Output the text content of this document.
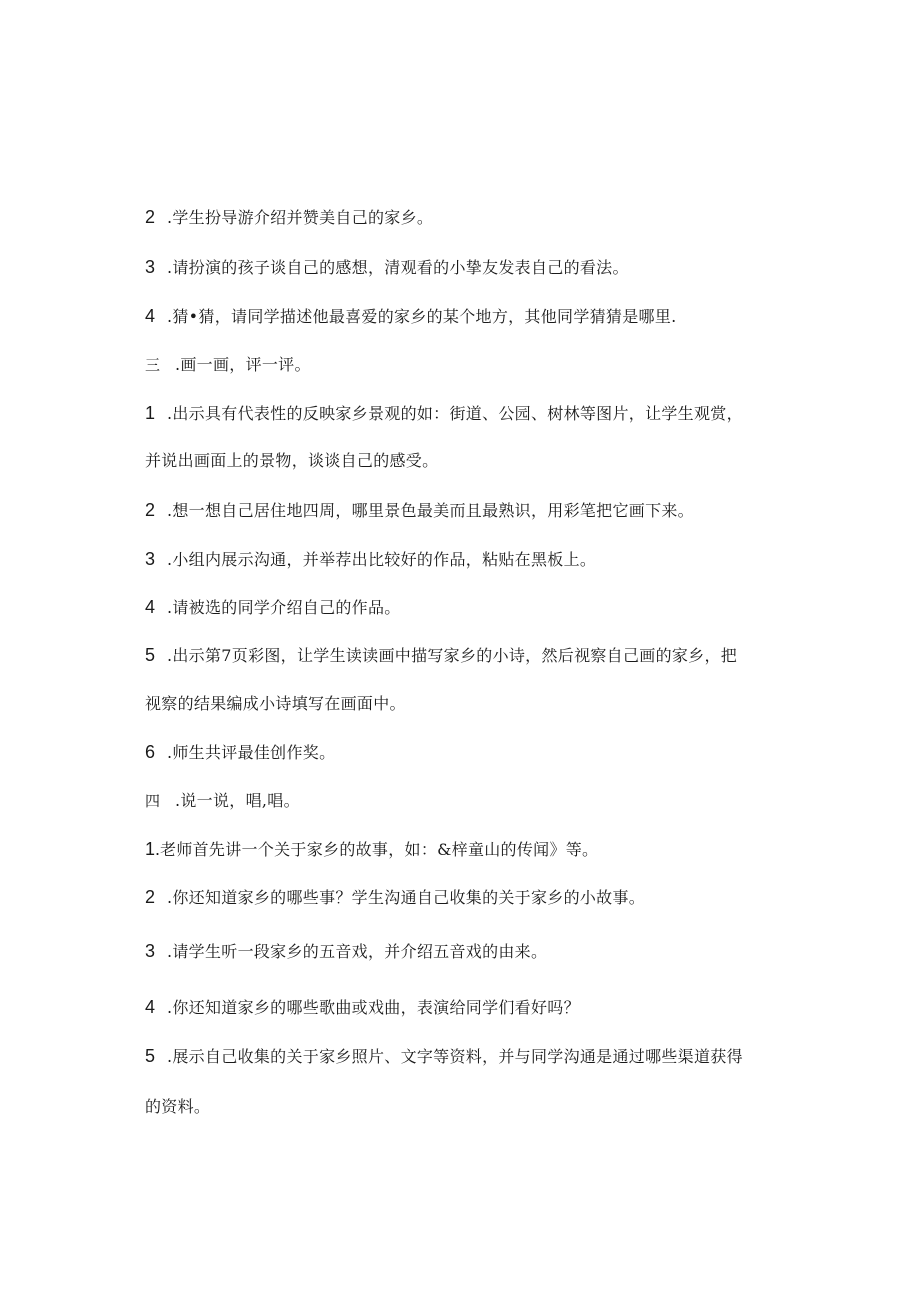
2 .学生扮导游介绍并赞美自己的家乡。
3 .请扮演的孩子谈自己的感想，清观看的小挚友发表自己的看法。
4 .猜•猜，请同学描述他最喜爱的家乡的某个地方，其他同学猜猜是哪里.
三 .画一画，评一评。
1 .出示具有代表性的反映家乡景观的如：街道、公园、树林等图片，让学生观赏，
并说出画面上的景物，谈谈自己的感受。
2 .想一想自己居住地四周，哪里景色最美而且最熟识，用彩笔把它画下来。
3 .小组内展示沟通，并举荐出比较好的作品，粘贴在黑板上。
4 .请被选的同学介绍自己的作品。
5 .出示第7页彩图，让学生读读画中描写家乡的小诗，然后视察自己画的家乡，把
视察的结果编成小诗填写在画面中。
6 .师生共评最佳创作奖。
四 .说一说，唱,唱。
1.老师首先讲一个关于家乡的故事，如：&梓童山的传闻》等。
2 .你还知道家乡的哪些事？学生沟通自己收集的关于家乡的小故事。
3 .请学生听一段家乡的五音戏，并介绍五音戏的由来。
4 .你还知道家乡的哪些歌曲或戏曲，表演给同学们看好吗？
5 .展示自己收集的关于家乡照片、文字等资料，并与同学沟通是通过哪些渠道获得
的资料。
